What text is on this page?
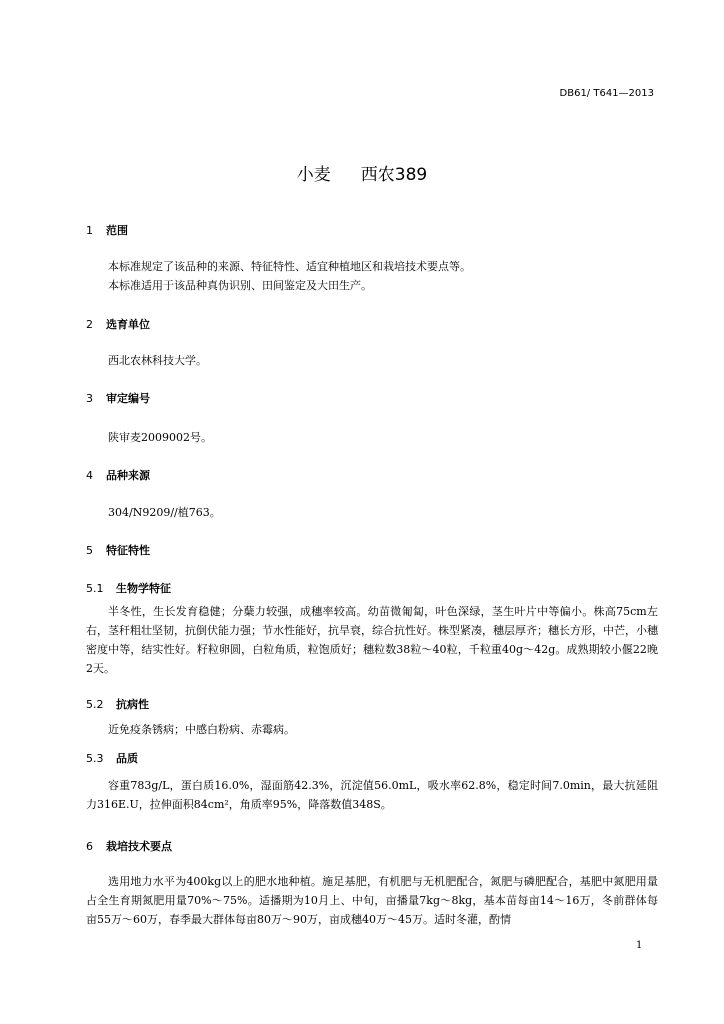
DB61/ T641—2013
小麦 西农389
1 范围
本标准规定了该品种的来源、特征特性、适宜种植地区和栽培技术要点等。
本标准适用于该品种真伪识别、田间鉴定及大田生产。
2 选育单位
西北农林科技大学。
3 审定编号
陕审麦2009002号。
4 品种来源
304/N9209//植763。
5 特征特性
5.1 生物学特征
半冬性，生长发育稳健；分蘖力较强，成穗率较高。幼苗微匍匐，叶色深绿，茎生叶片中等偏小。株高75cm左右，茎秆粗壮坚韧，抗倒伏能力强；节水性能好，抗旱衰，综合抗性好。株型紧凑，穗层厚齐；穗长方形，中芒，小穗密度中等，结实性好。籽粒卵圆，白粒角质，粒饱质好；穗粒数38粒～40粒，千粒重40g～42g。成熟期较小偃22晚2天。
5.2 抗病性
近免疫条锈病；中感白粉病、赤霉病。
5.3 品质
容重783g/L，蛋白质16.0%，湿面筋42.3%，沉淀值56.0mL，吸水率62.8%，稳定时间7.0min，最大抗延阻力316E.U，拉伸面积84cm²，角质率95%，降落数值348S。
6 栽培技术要点
选用地力水平为400kg以上的肥水地种植。施足基肥，有机肥与无机肥配合，氮肥与磷肥配合，基肥中氮肥用量占全生育期氮肥用量70%～75%。适播期为10月上、中旬，亩播量7kg～8kg，基本苗每亩14～16万，冬前群体每亩55万～60万，春季最大群体每亩80万～90万，亩成穗40万～45万。适时冬灌，酌情
1
